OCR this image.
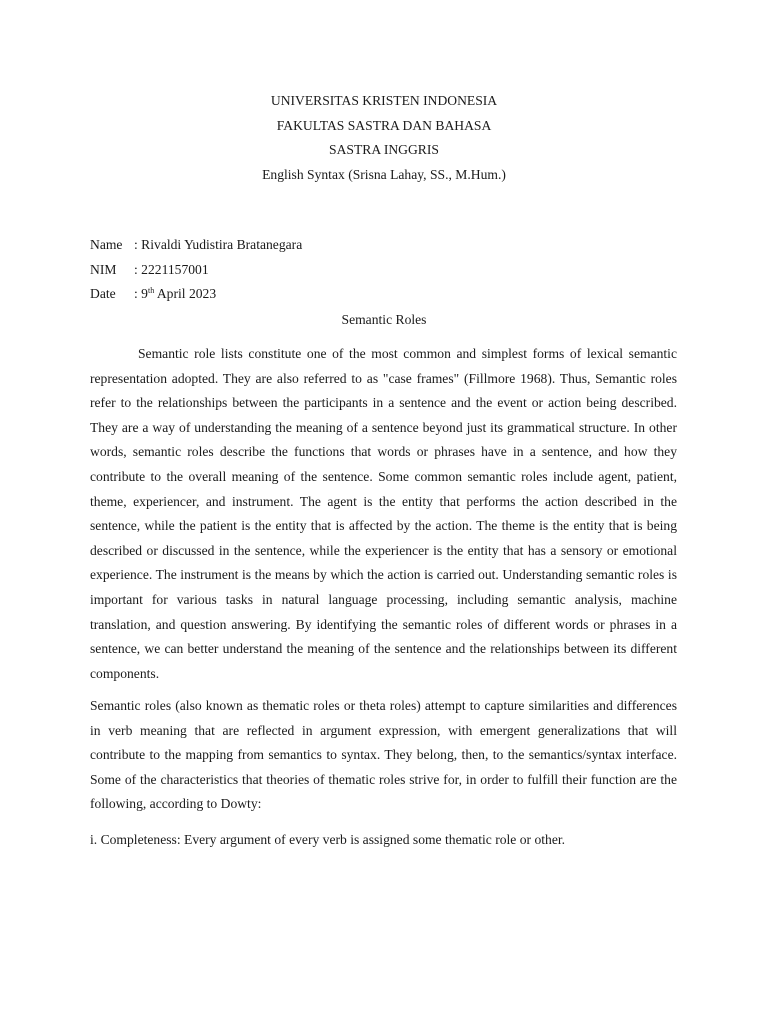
UNIVERSITAS KRISTEN INDONESIA
FAKULTAS SASTRA DAN BAHASA
SASTRA INGGRIS
English Syntax (Srisna Lahay, SS., M.Hum.)
Name : Rivaldi Yudistira Bratanegara
NIM	: 2221157001
Date	: 9th April 2023
Semantic Roles

Semantic role lists constitute one of the most common and simplest forms of lexical semantic representation adopted. They are also referred to as "case frames" (Fillmore 1968). Thus, Semantic roles refer to the relationships between the participants in a sentence and the event or action being described. They are a way of understanding the meaning of a sentence beyond just its grammatical structure. In other words, semantic roles describe the functions that words or phrases have in a sentence, and how they contribute to the overall meaning of the sentence. Some common semantic roles include agent, patient, theme, experiencer, and instrument. The agent is the entity that performs the action described in the sentence, while the patient is the entity that is affected by the action. The theme is the entity that is being described or discussed in the sentence, while the experiencer is the entity that has a sensory or emotional experience. The instrument is the means by which the action is carried out. Understanding semantic roles is important for various tasks in natural language processing, including semantic analysis, machine translation, and question answering. By identifying the semantic roles of different words or phrases in a sentence, we can better understand the meaning of the sentence and the relationships between its different components.

Semantic roles (also known as thematic roles or theta roles) attempt to capture similarities and differences in verb meaning that are reflected in argument expression, with emergent generalizations that will contribute to the mapping from semantics to syntax. They belong, then, to the semantics/syntax interface. Some of the characteristics that theories of thematic roles strive for, in order to fulfill their function are the following, according to Dowty:

i. Completeness: Every argument of every verb is assigned some thematic role or other.
